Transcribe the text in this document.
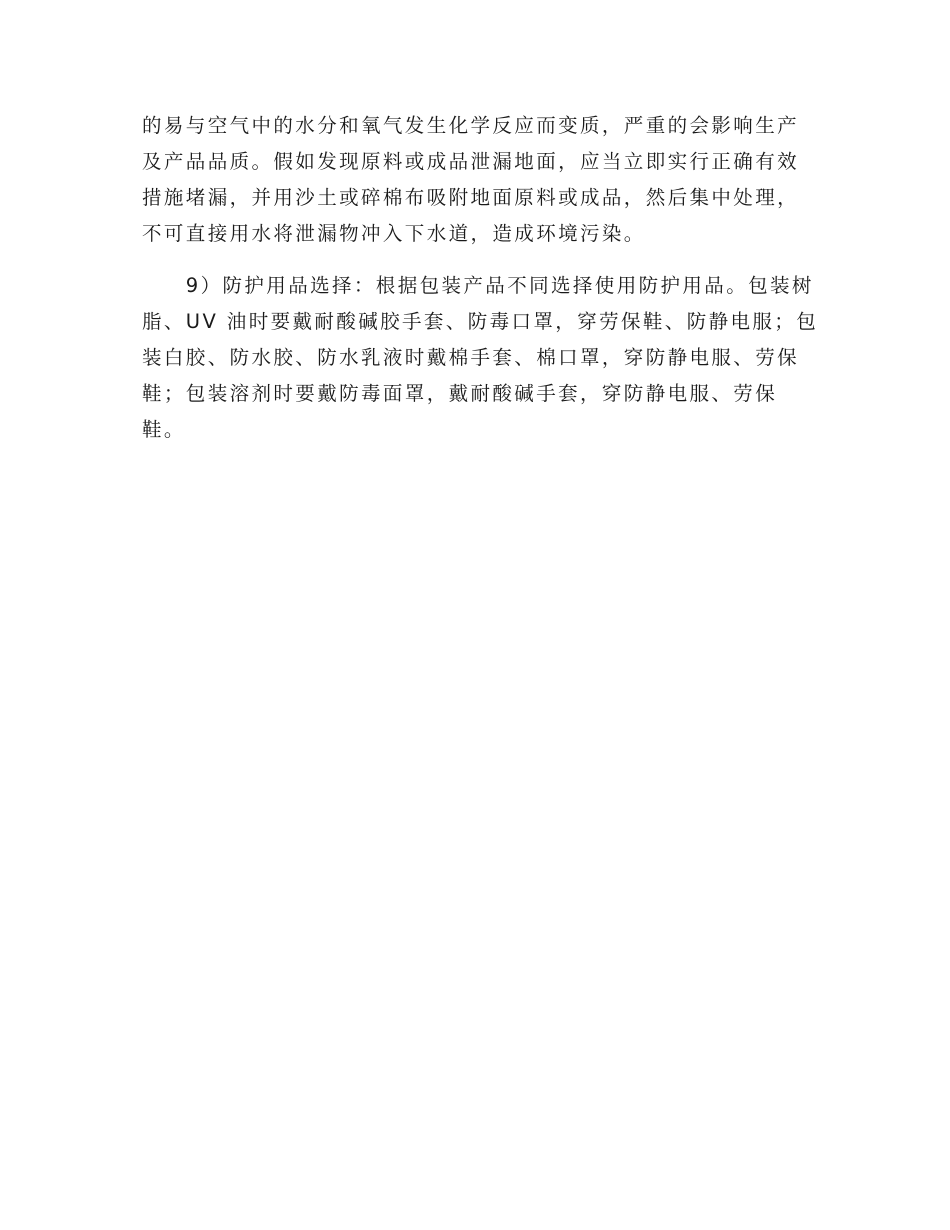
的易与空气中的水分和氧气发生化学反应而变质，严重的会影响生产
及产品品质。假如发现原料或成品泄漏地面，应当立即实行正确有效
措施堵漏，并用沙土或碎棉布吸附地面原料或成品，然后集中处理，
不可直接用水将泄漏物冲入下水道，造成环境污染。
　　9）防护用品选择：根据包装产品不同选择使用防护用品。包装树
脂、UV 油时要戴耐酸碱胶手套、防毒口罩，穿劳保鞋、防静电服；包
装白胶、防水胶、防水乳液时戴棉手套、棉口罩，穿防静电服、劳保
鞋；包装溶剂时要戴防毒面罩，戴耐酸碱手套，穿防静电服、劳保
鞋。
